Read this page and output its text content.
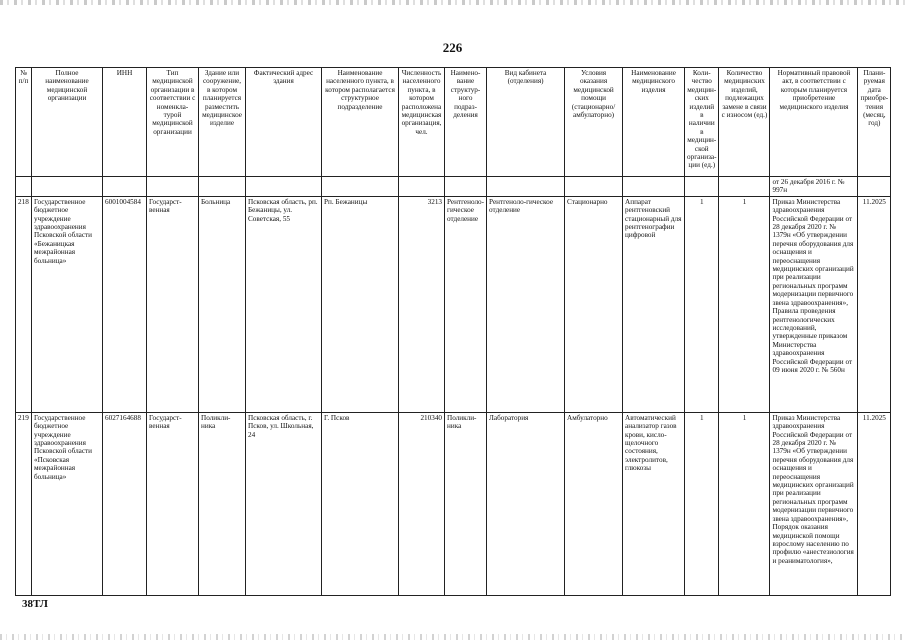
226
№ п/п	Полное наименование медицинской организации	ИНН	Тип медицинской организации в соответствии с номенкла-турой медицинской организации	Здание или сооружение, в котором планируется разместить медицинское изделие	Фактический адрес здания	Наименование населенного пункта, в котором располагается структурное подразделение	Численность населенного пункта, в котором расположена медицинская организация, чел.	Наимено-вание структур-ного подраз-деления	Вид кабинета (отделения)	Условия оказания медицинской помощи (стационарно/амбулаторно)	Наименование медицинского изделия	Коли-чество медицин-ских изделий в наличии в медицин-ской организа-ции (ед.)	Количество медицинских изделий, подлежащих замене в связи с износом (ед.)	Нормативный правовой акт, в соответствии с которым планируется приобретение медицинского изделия	Плани-руемая дата приобре-тения (месяц, год)
														от 26 декабря 2016 г. № 997н	
218	Государственное бюджетное учреждение здравоохранения Псковской области «Бежаницкая межрайонная больница»	6001004584	Государст-венная	Больница	Псковская область, рп. Бежаницы, ул. Советская, 55	Рп. Бежаницы	3213	Рентгеноло-гическое отделение	Рентгеноло-гическое отделение	Стационарно	Аппарат рентгеновский стационарный для рентгенографии цифровой	1	1	Приказ Министерства здравоохранения Российской Федерации от 28 декабря 2020 г. № 1379н «Об утверждении перечня оборудования для оснащения и переоснащения медицинских организаций при реализации региональных программ модернизации первичного звена здравоохранения», Правила проведения рентгенологических исследований, утвержденные приказом Министерства здравоохранения Российской Федерации от 09 июня 2020 г. № 560н	11.2025
219	Государственное бюджетное учреждение здравоохранения Псковской области «Псковская межрайонная больница»	6027164688	Государст-венная	Поликли-ника	Псковская область, г. Псков, ул. Школьная, 24	Г. Псков	210340	Поликли-ника	Лаборатория	Амбулаторно	Автоматический анализатор газов крови, кисло-щелочного состояния, электролитов, глюкозы	1	1	Приказ Министерства здравоохранения Российской Федерации от 28 декабря 2020 г. № 1379н «Об утверждении перечня оборудования для оснащения и переоснащения медицинских организаций при реализации региональных программ модернизации первичного звена здравоохранения», Порядок оказания медицинской помощи взрослому населению по профилю «анестезиология и реаниматология»,	11.2025
38ТЛ
